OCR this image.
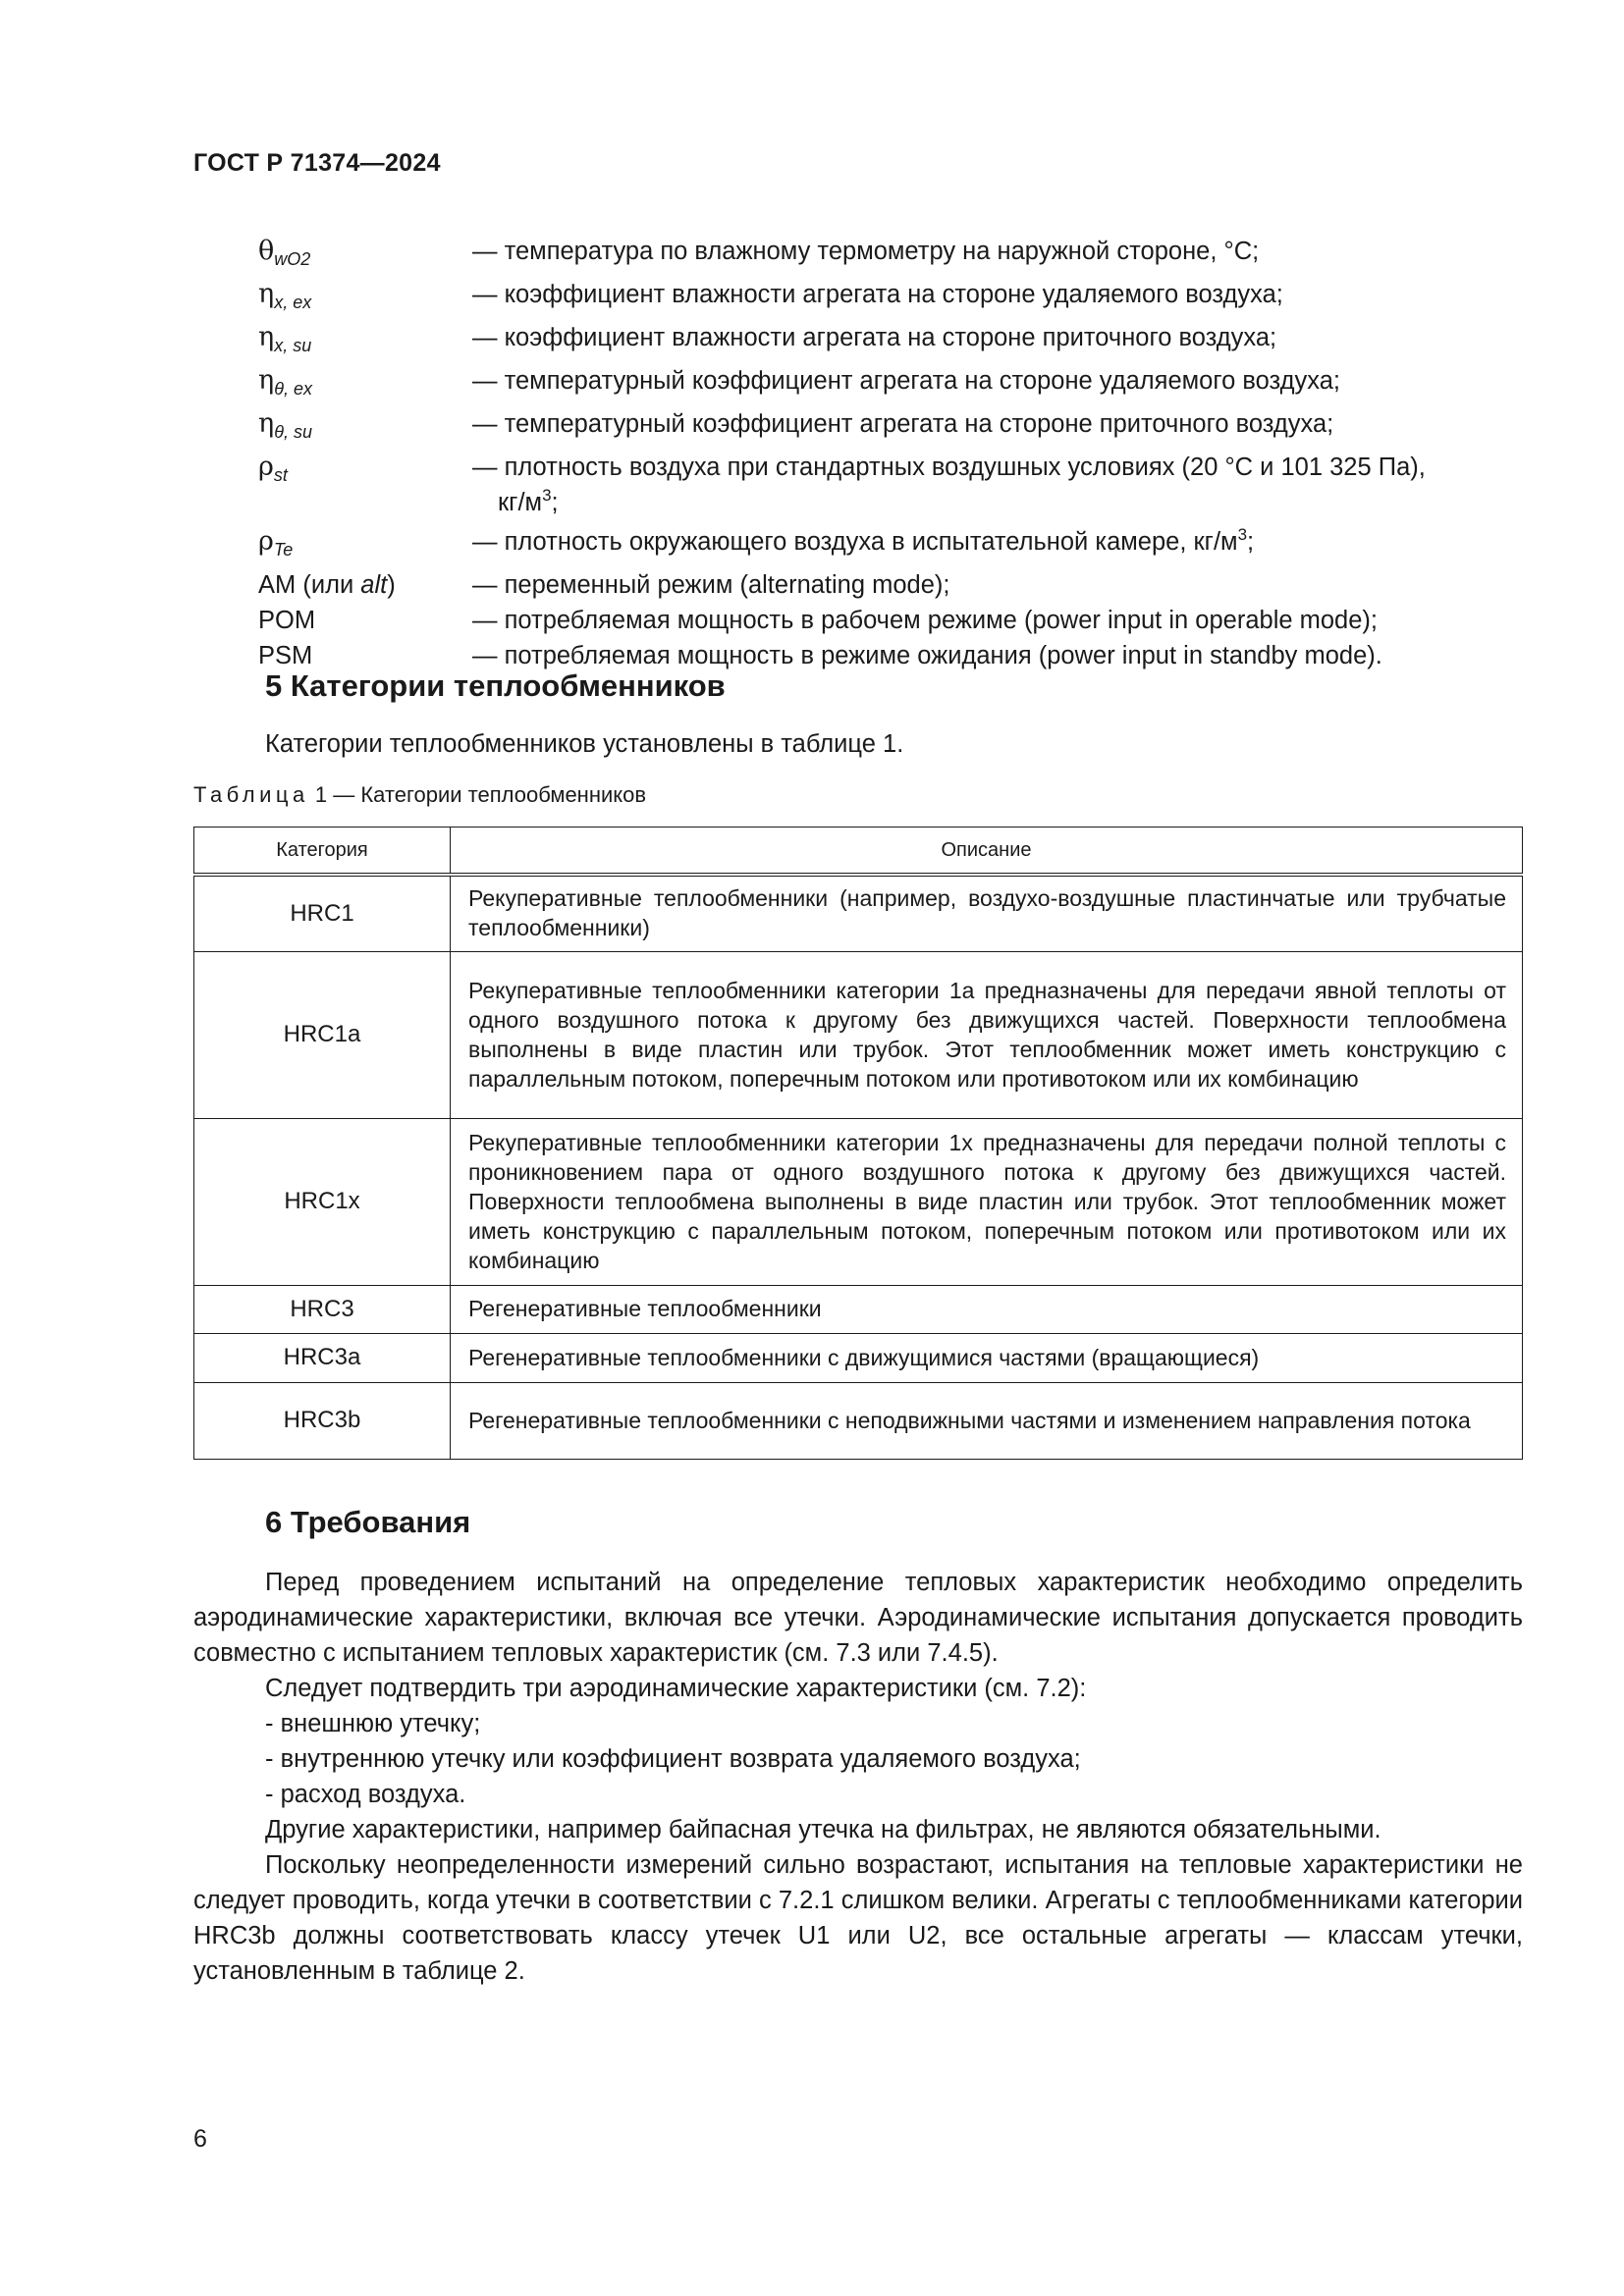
ГОСТ Р 71374—2024
$\theta_{wO2}$	— температура по влажному термометру на наружной стороне, °C;
$\eta_{x, ex}$	— коэффициент влажности агрегата на стороне удаляемого воздуха;
$\eta_{x, su}$	— коэффициент влажности агрегата на стороне приточного воздуха;
$\eta_{\theta, ex}$	— температурный коэффициент агрегата на стороне удаляемого воздуха;
$\eta_{\theta, su}$	— температурный коэффициент агрегата на стороне приточного воздуха;
$\rho_{st}$	— плотность воздуха при стандартных воздушных условиях (20 °C и 101 325 Па),
$кг/м^3$;
$\rho_{Te}$	— плотность окружающего воздуха в испытательной камере, $кг/м^3$;
AM (или alt)	— переменный режим (alternating mode);
POM	— потребляемая мощность в рабочем режиме (power input in operable mode);
PSM	— потребляемая мощность в режиме ожидания (power input in standby mode).
5 Категории теплообменников
Категории теплообменников установлены в таблице 1.
Таблица 1 — Категории теплообменников
Категория	Описание
HRC1	Рекуперативные теплообменники (например, воздухо-воздушные пластинчатые или трубчатые теплообменники)
HRC1a	Рекуперативные теплообменники категории 1а предназначены для передачи явной теплоты от одного воздушного потока к другому без движущихся частей. Поверхности теплообмена выполнены в виде пластин или трубок. Этот теплообменник может иметь конструкцию с параллельным потоком, поперечным потоком или противотоком или их комбинацию
HRC1x	Рекуперативные теплообменники категории 1х предназначены для передачи полной теплоты с проникновением пара от одного воздушного потока к другому без движущихся частей. Поверхности теплообмена выполнены в виде пластин или трубок. Этот теплообменник может иметь конструкцию с параллельным потоком, поперечным потоком или противотоком или их комбинацию
HRC3	Регенеративные теплообменники
HRC3a	Регенеративные теплообменники с движущимися частями (вращающиеся)
HRC3b	Регенеративные теплообменники с неподвижными частями и изменением направления потока
6 Требования

Перед проведением испытаний на определение тепловых характеристик необходимо определить аэродинамические характеристики, включая все утечки. Аэродинамические испытания допускается проводить совместно с испытанием тепловых характеристик (см. 7.3 или 7.4.5).

Следует подтвердить три аэродинамические характеристики (см. 7.2):

- внешнюю утечку;

- внутреннюю утечку или коэффициент возврата удаляемого воздуха;

- расход воздуха.

Другие характеристики, например байпасная утечка на фильтрах, не являются обязательными.

Поскольку неопределенности измерений сильно возрастают, испытания на тепловые характеристики не следует проводить, когда утечки в соответствии с 7.2.1 слишком велики. Агрегаты с теплообменниками категории HRC3b должны соответствовать классу утечек U1 или U2, все остальные агрегаты — классам утечки, установленным в таблице 2.

6
